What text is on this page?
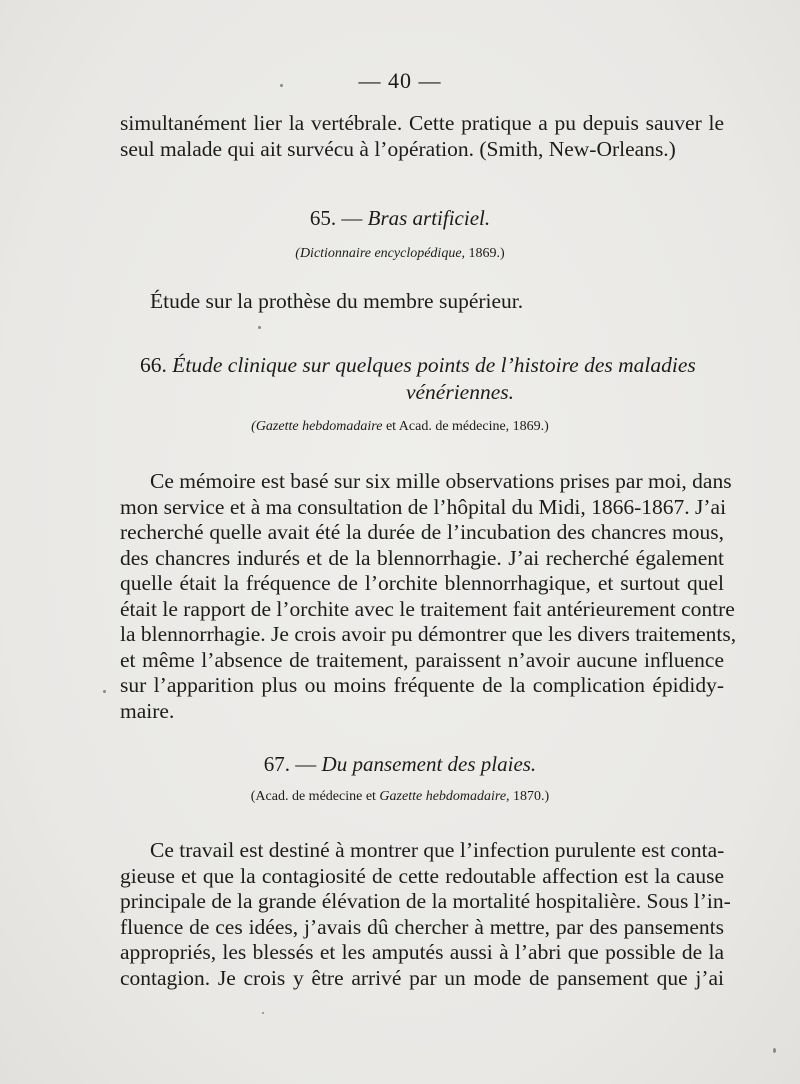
— 40 —

simultanément lier la vertébrale. Cette pratique a pu depuis sauver le
seul malade qui ait survécu à l’opération. (Smith, New-Orleans.)

65. — Bras artificiel.
(Dictionnaire encyclopédique, 1869.)

Étude sur la prothèse du membre supérieur.

66. Étude clinique sur quelques points de l’histoire des maladies
vénériennes.
(Gazette hebdomadaire et Acad. de médecine, 1869.)

Ce mémoire est basé sur six mille observations prises par moi, dans
mon service et à ma consultation de l’hôpital du Midi, 1866-1867. J’ai
recherché quelle avait été la durée de l’incubation des chancres mous,
des chancres indurés et de la blennorrhagie. J’ai recherché également
quelle était la fréquence de l’orchite blennorrhagique, et surtout quel
était le rapport de l’orchite avec le traitement fait antérieurement contre
la blennorrhagie. Je crois avoir pu démontrer que les divers traitements,
et même l’absence de traitement, paraissent n’avoir aucune influence
sur l’apparition plus ou moins fréquente de la complication épididy-
maire.

67. — Du pansement des plaies.
(Acad. de médecine et Gazette hebdomadaire, 1870.)

Ce travail est destiné à montrer que l’infection purulente est conta-
gieuse et que la contagiosité de cette redoutable affection est la cause
principale de la grande élévation de la mortalité hospitalière. Sous l’in-
fluence de ces idées, j’avais dû chercher à mettre, par des pansements
appropriés, les blessés et les amputés aussi à l’abri que possible de la
contagion. Je crois y être arrivé par un mode de pansement que j’ai
